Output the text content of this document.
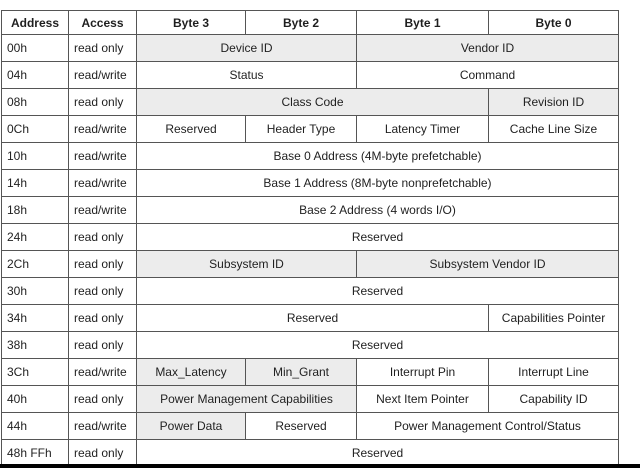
Address	Access	Byte 3	Byte 2	Byte 1	Byte 0
00h	read only	Device ID		Vendor ID	
04h	read/write	Status		Command	
08h	read only	Class Code			Revision ID
0Ch	read/write	Reserved	Header Type	Latency Timer	Cache Line Size
10h	read/write	Base 0 Address (4M-byte prefetchable)			
14h	read/write	Base 1 Address (8M-byte nonprefetchable)			
18h	read/write	Base 2 Address (4 words I/O)			
24h	read only	Reserved			
2Ch	read only	Subsystem ID		Subsystem Vendor ID	
30h	read only	Reserved			
34h	read only	Reserved			Capabilities Pointer
38h	read only	Reserved			
3Ch	read/write	Max_Latency	Min_Grant	Interrupt Pin	Interrupt Line
40h	read only	Power Management Capabilities		Next Item Pointer	Capability ID
44h	read/write	Power Data	Reserved	Power Management Control/Status	
48h FFh	read only	Reserved			
